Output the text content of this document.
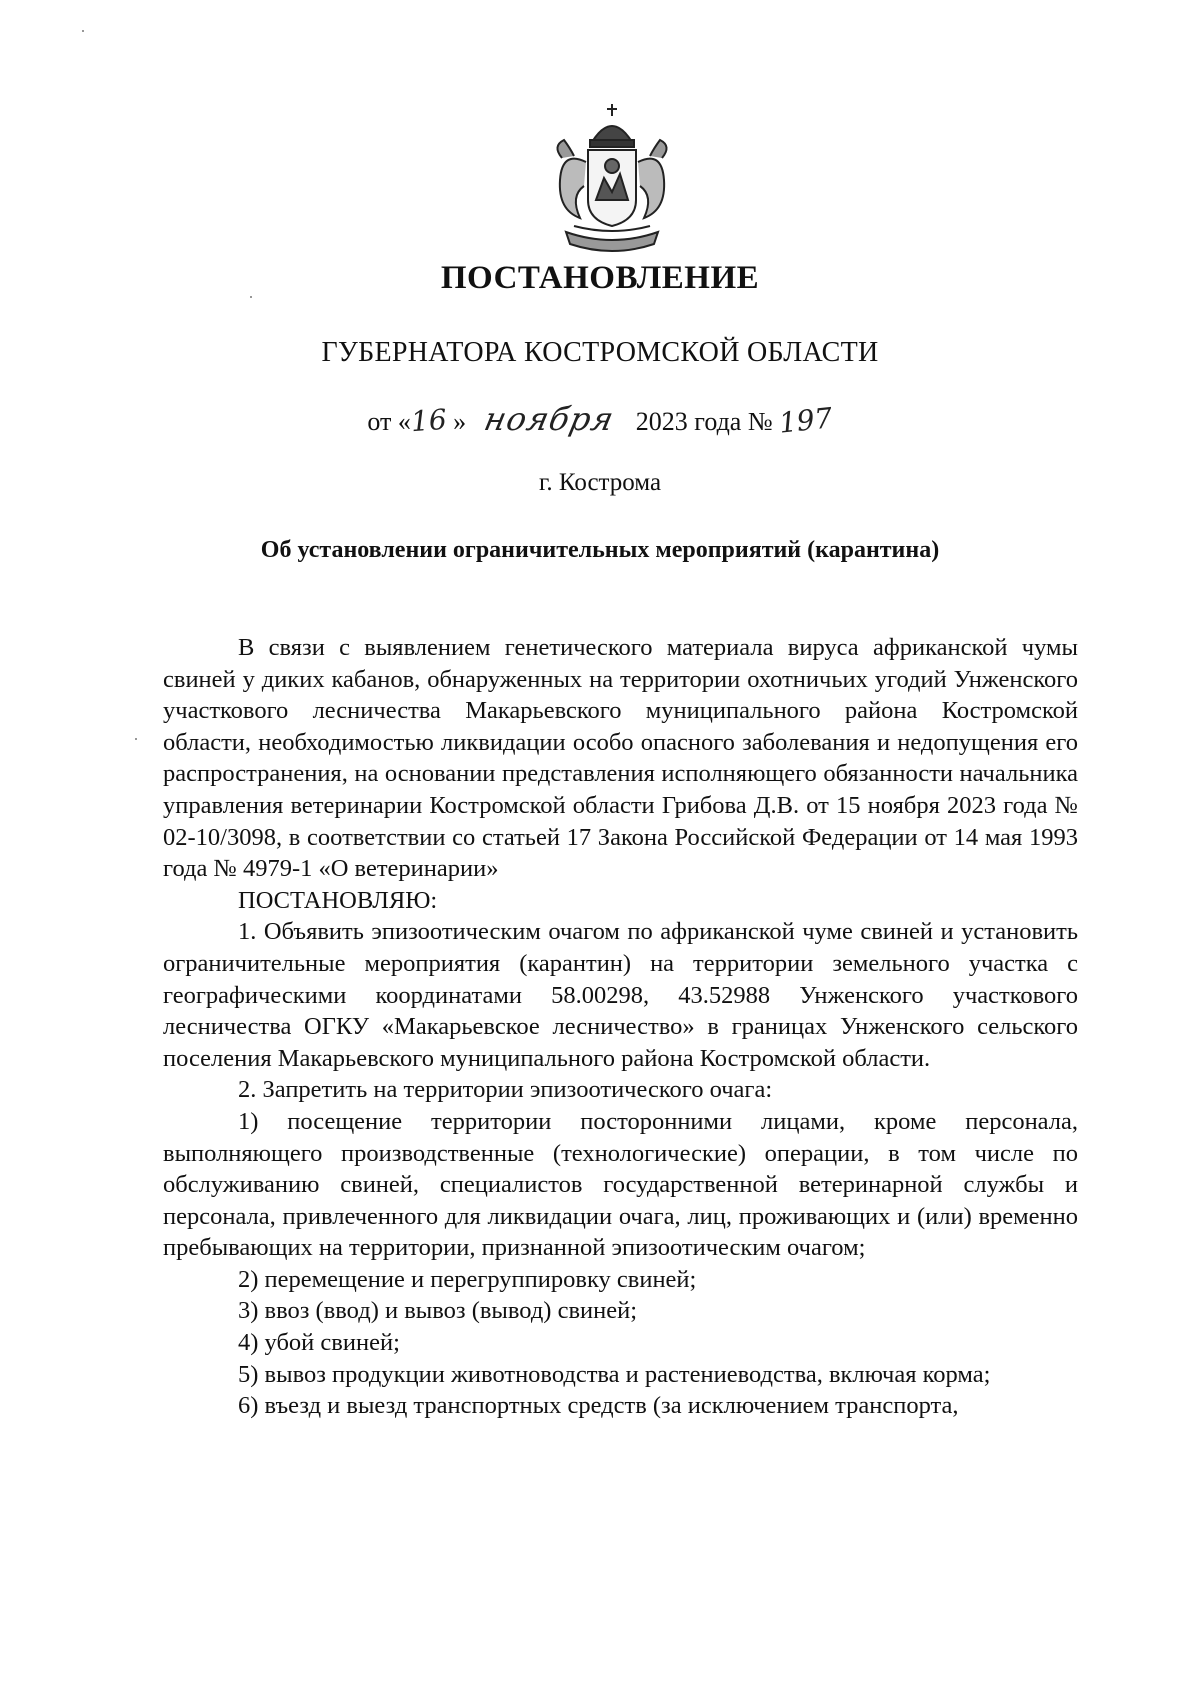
ПОСТАНОВЛЕНИЕ
ГУБЕРНАТОРА КОСТРОМСКОЙ ОБЛАСТИ
от «16 » ноября 2023 года № 197
г. Кострома
Об установлении ограничительных мероприятий (карантина)

В связи с выявлением генетического материала вируса африканской чумы свиней у диких кабанов, обнаруженных на территории охотничьих угодий Унженского участкового лесничества Макарьевского муниципального района Костромской области, необходимостью ликвидации особо опасного заболевания и недопущения его распространения, на основании представления исполняющего обязанности начальника управления ветеринарии Костромской области Грибова Д.В. от 15 ноября 2023 года № 02-10/3098, в соответствии со статьей 17 Закона Российской Федерации от 14 мая 1993 года № 4979-1 «О ветеринарии»

ПОСТАНОВЛЯЮ:

1. Объявить эпизоотическим очагом по африканской чуме свиней и установить ограничительные мероприятия (карантин) на территории земельного участка с географическими координатами 58.00298, 43.52988 Унженского участкового лесничества ОГКУ «Макарьевское лесничество» в границах Унженского сельского поселения Макарьевского муниципального района Костромской области.

2. Запретить на территории эпизоотического очага:

1) посещение территории посторонними лицами, кроме персонала, выполняющего производственные (технологические) операции, в том числе по обслуживанию свиней, специалистов государственной ветеринарной службы и персонала, привлеченного для ликвидации очага, лиц, проживающих и (или) временно пребывающих на территории, признанной эпизоотическим очагом;

2) перемещение и перегруппировку свиней;

3) ввоз (ввод) и вывоз (вывод) свиней;

4) убой свиней;

5) вывоз продукции животноводства и растениеводства, включая корма;

6) въезд и выезд транспортных средств (за исключением транспорта,
